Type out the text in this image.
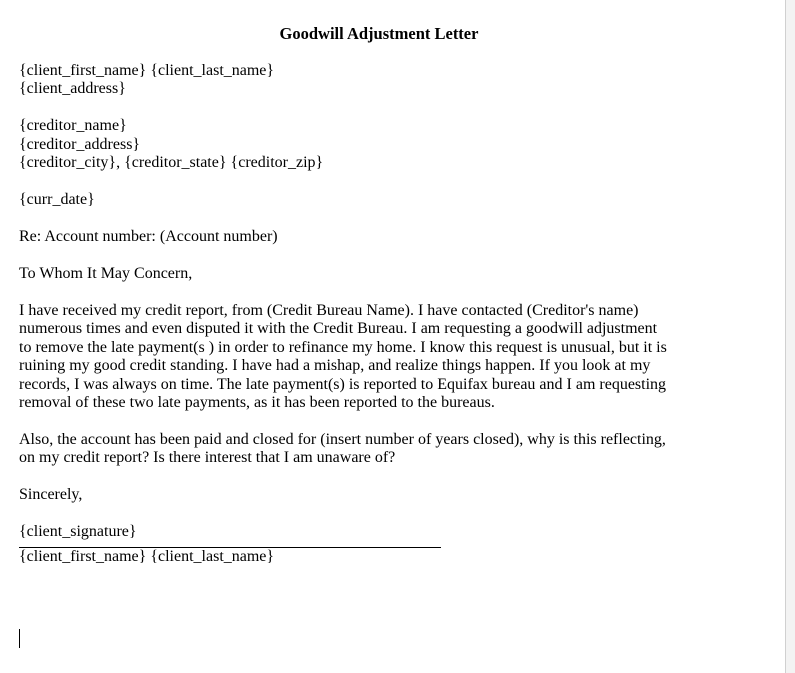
Goodwill Adjustment Letter
{client_first_name} {client_last_name}
{client_address}
{creditor_name}
{creditor_address}
{creditor_city}, {creditor_state} {creditor_zip}
{curr_date}
Re: Account number: (Account number)
To Whom It May Concern,
I have received my credit report, from (Credit Bureau Name). I have contacted (Creditor's name)
numerous times and even disputed it with the Credit Bureau. I am requesting a goodwill adjustment
to remove the late payment(s ) in order to refinance my home. I know this request is unusual, but it is
ruining my good credit standing. I have had a mishap, and realize things happen. If you look at my
records, I was always on time. The late payment(s) is reported to Equifax bureau and I am requesting
removal of these two late payments, as it has been reported to the bureaus.
Also, the account has been paid and closed for (insert number of years closed), why is this reflecting,
on my credit report? Is there interest that I am unaware of?
Sincerely,
{client_signature}
{client_first_name} {client_last_name}
